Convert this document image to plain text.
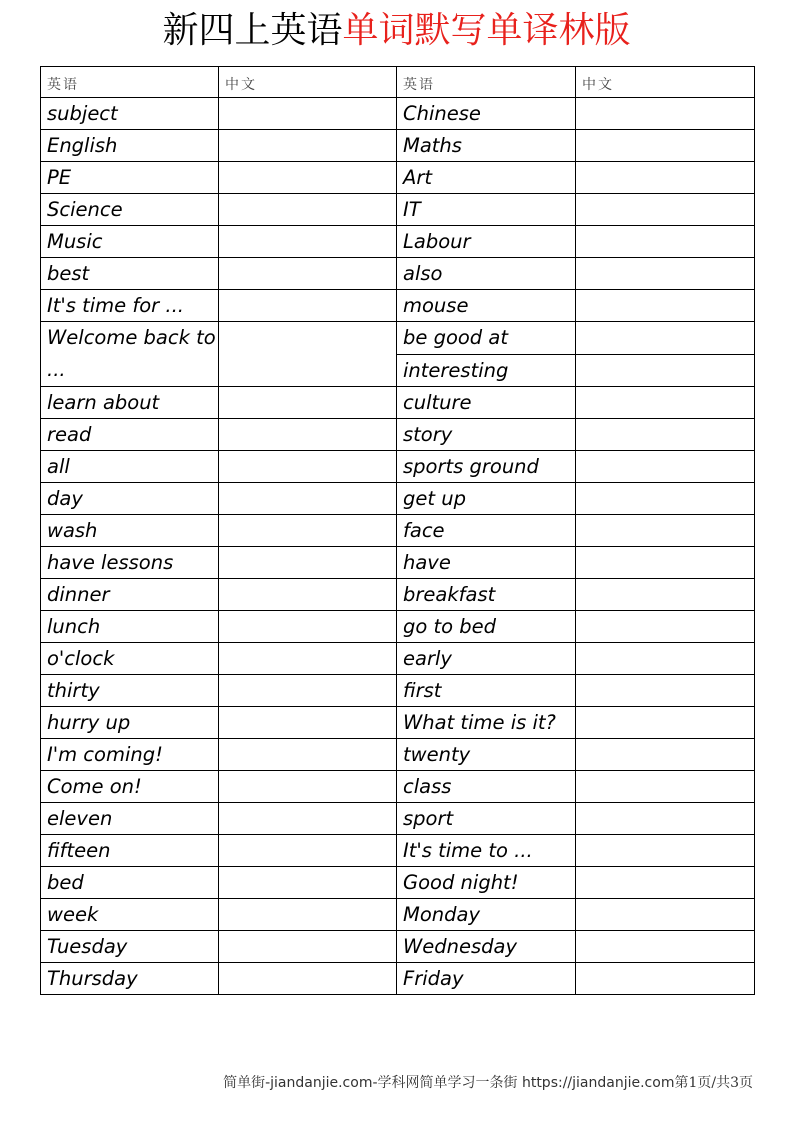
新四上英语单词默写单译林版
英语	中文	英语	中文
subject		Chinese	
English		Maths	
PE		Art	
Science		IT	
Music		Labour	
best		also	
It's time for ...		mouse	
Welcome back to ...		be good at	
		interesting	
learn about		culture	
read		story	
all		sports ground	
day		get up	
wash		face	
have lessons		have	
dinner		breakfast	
lunch		go to bed	
o'clock		early	
thirty		first	
hurry up		What time is it?	
I'm coming!		twenty	
Come on!		class	
eleven		sport	
fifteen		It's time to ...	
bed		Good night!	
week		Monday	
Tuesday		Wednesday	
Thursday		Friday	
简单街-jiandanjie.com-学科网简单学习一条街 https://jiandanjie.com第1页/共3页
